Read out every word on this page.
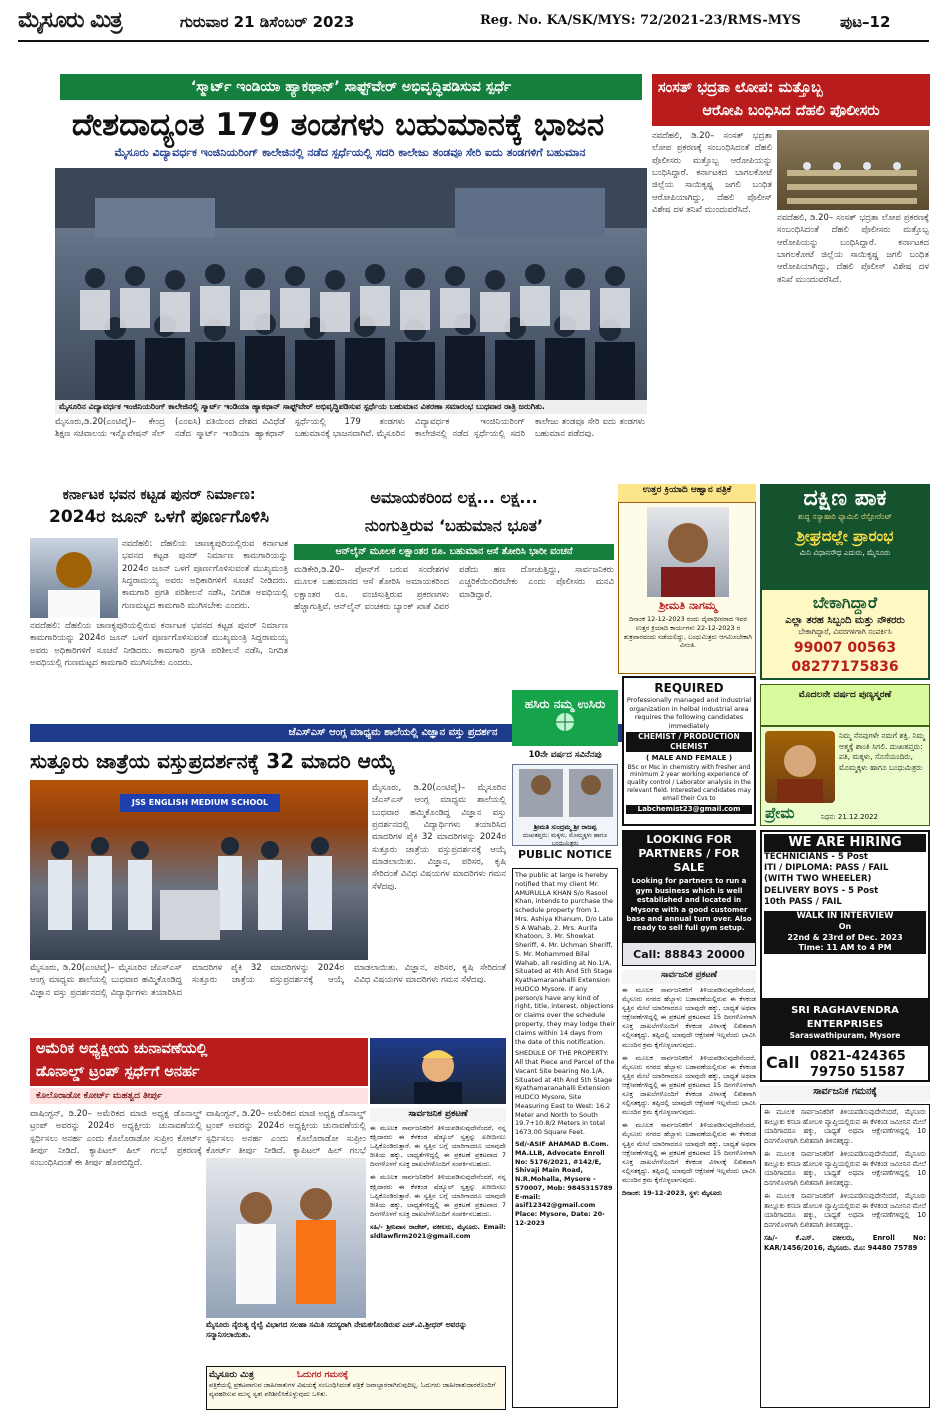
ಮೈಸೂರು ಮಿತ್ರ	ಗುರುವಾರ 21 ಡಿಸೆಂಬರ್ 2023	Reg. No. KA/SK/MYS: 72/2021-23/RMS-MYS	ಪುಟ–12
‘ಸ್ಮಾರ್ಟ್ ಇಂಡಿಯಾ ಹ್ಯಾಕಥಾನ್’ ಸಾಫ್ಟ್‌ವೇರ್ ಅಭಿವೃದ್ಧಿಪಡಿಸುವ ಸ್ಪರ್ಧೆ
ದೇಶದಾದ್ಯಂತ 179 ತಂಡಗಳು ಬಹುಮಾನಕ್ಕೆ ಭಾಜನ
ಮೈಸೂರು ವಿದ್ಯಾವರ್ಧಕ ಇಂಜಿನಿಯರಿಂಗ್ ಕಾಲೇಜಿನಲ್ಲಿ ನಡೆದ ಸ್ಪರ್ಧೆಯಲ್ಲಿ ಸದರಿ ಕಾಲೇಜು ತಂಡವೂ ಸೇರಿ ಐದು ತಂಡಗಳಿಗೆ ಬಹುಮಾನ
ಮೈಸೂರಿನ ವಿದ್ಯಾವರ್ಧಕ ಇಂಜಿನಿಯರಿಂಗ್ ಕಾಲೇಜಿನಲ್ಲಿ ಸ್ಮಾರ್ಟ್ ಇಂಡಿಯಾ ಹ್ಯಾಕಥಾನ್ ಸಾಫ್ಟ್‌ವೇರ್ ಅಭಿವೃದ್ಧಿಪಡಿಸುವ ಸ್ಪರ್ಧೆಯ ಬಹುಮಾನ ವಿತರಣಾ ಸಮಾರಂಭ ಬುಧವಾರ ರಾತ್ರಿ ಜರುಗಿತು.
ಮೈಸೂರು,ಡಿ.20(ಎಂಟಿವೈ)– ಕೇಂದ್ರ ಶಿಕ್ಷಣ ಸಚಿವಾಲಯ ಇನ್ನೊವೇಷನ್ ಸೆಲ್ (ಎಂಐಸಿ) ವತಿಯಿಂದ ದೇಶದ ವಿವಿಧೆಡೆ ನಡೆದ ಸ್ಮಾರ್ಟ್ ಇಂಡಿಯಾ ಹ್ಯಾಕಥಾನ್ ಸ್ಪರ್ಧೆಯಲ್ಲಿ 179 ತಂಡಗಳು ಬಹುಮಾನಕ್ಕೆ ಭಾಜನವಾಗಿವೆ. ಮೈಸೂರಿನ ವಿದ್ಯಾವರ್ಧಕ ಇಂಜಿನಿಯರಿಂಗ್ ಕಾಲೇಜಿನಲ್ಲಿ ನಡೆದ ಸ್ಪರ್ಧೆಯಲ್ಲಿ ಸದರಿ ಕಾಲೇಜು ತಂಡವೂ ಸೇರಿ ಐದು ತಂಡಗಳು ಬಹುಮಾನ ಪಡೆದವು.
ಸಂಸತ್ ಭದ್ರತಾ ಲೋಪ: ಮತ್ತೊಬ್ಬ
ಆರೋಪಿ ಬಂಧಿಸಿದ ದೆಹಲಿ ಪೊಲೀಸರು
ನವದೆಹಲಿ, ಡಿ.20– ಸಂಸತ್ ಭದ್ರತಾ ಲೋಪ ಪ್ರಕರಣಕ್ಕೆ ಸಂಬಂಧಿಸಿದಂತೆ ದೆಹಲಿ ಪೊಲೀಸರು ಮತ್ತೊಬ್ಬ ಆರೋಪಿಯನ್ನು ಬಂಧಿಸಿದ್ದಾರೆ. ಕರ್ನಾಟಕದ ಬಾಗಲಕೋಟೆ ಜಿಲ್ಲೆಯ ಸಾಯಿಕೃಷ್ಣ ಜಗಲಿ ಬಂಧಿತ ಆರೋಪಿಯಾಗಿದ್ದು, ದೆಹಲಿ ಪೊಲೀಸ್ ವಿಶೇಷ ದಳ ತನಿಖೆ ಮುಂದುವರೆಸಿದೆ.
ನವದೆಹಲಿ, ಡಿ.20– ಸಂಸತ್ ಭದ್ರತಾ ಲೋಪ ಪ್ರಕರಣಕ್ಕೆ ಸಂಬಂಧಿಸಿದಂತೆ ದೆಹಲಿ ಪೊಲೀಸರು ಮತ್ತೊಬ್ಬ ಆರೋಪಿಯನ್ನು ಬಂಧಿಸಿದ್ದಾರೆ. ಕರ್ನಾಟಕದ ಬಾಗಲಕೋಟೆ ಜಿಲ್ಲೆಯ ಸಾಯಿಕೃಷ್ಣ ಜಗಲಿ ಬಂಧಿತ ಆರೋಪಿಯಾಗಿದ್ದು, ದೆಹಲಿ ಪೊಲೀಸ್ ವಿಶೇಷ ದಳ ತನಿಖೆ ಮುಂದುವರೆಸಿದೆ.
ದಕ್ಷಿಣ ಪಾಕ
ಶುದ್ಧ ಸಸ್ಯಾಹಾರಿ ಫ್ಯಾಮಿಲಿ ರೆಸ್ಟೋರೆಂಟ್
ಶ್ರೀಘ್ರದಲ್ಲೇ ಪ್ರಾರಂಭ
ಮಿನಿ ವಿಧಾನಸೌಧ ಎದುರು, ಮೈಸೂರು
ಬೇಕಾಗಿದ್ದಾರೆ
ಎಲ್ಲಾ ತರಹ ಸಿಬ್ಬಂದಿ ಮತ್ತು ನೌಕರರು
ಬೇಕಾಗಿದ್ದಾರೆ, ವಿವರಗಳಿಗಾಗಿ ಸಂಪರ್ಕಿಸಿ
99007 00563
08277175836
ಮೊದಲನೇ ವರ್ಷದ ಪುಣ್ಯಸ್ಮರಣೆ
ನಿಮ್ಮ ನೆನಪುಗಳೇ ನಮಗೆ ಶಕ್ತಿ. ನಿಮ್ಮ ಆತ್ಮಕ್ಕೆ ಶಾಂತಿ ಸಿಗಲಿ. ದುಃಖತಪ್ತರು: ಪತಿ, ಮಕ್ಕಳು, ಸೊಸೆಯಂದಿರು, ಮೊಮ್ಮಕ್ಕಳು ಹಾಗೂ ಬಂಧುಮಿತ್ರರು
ಪ್ರೇಮ	ನಿಧನ: 21.12.2022
ಕರ್ನಾಟಕ ಭವನ ಕಟ್ಟಡ ಪುನರ್ ನಿರ್ಮಾಣ:
2024ರ ಜೂನ್ ಒಳಗೆ ಪೂರ್ಣಗೊಳಿಸಿ
ನವದೆಹಲಿ: ದೆಹಲಿಯ ಚಾಣಕ್ಯಪುರಿಯಲ್ಲಿರುವ ಕರ್ನಾಟಕ ಭವನದ ಕಟ್ಟಡ ಪುನರ್ ನಿರ್ಮಾಣ ಕಾಮಗಾರಿಯನ್ನು 2024ರ ಜೂನ್ ಒಳಗೆ ಪೂರ್ಣಗೊಳಿಸುವಂತೆ ಮುಖ್ಯಮಂತ್ರಿ ಸಿದ್ದರಾಮಯ್ಯ ಅವರು ಅಧಿಕಾರಿಗಳಿಗೆ ಸೂಚನೆ ನೀಡಿದರು. ಕಾಮಗಾರಿ ಪ್ರಗತಿ ಪರಿಶೀಲನೆ ನಡೆಸಿ, ನಿಗದಿತ ಅವಧಿಯಲ್ಲಿ ಗುಣಮಟ್ಟದ ಕಾಮಗಾರಿ ಮುಗಿಸಬೇಕು ಎಂದರು.
ನವದೆಹಲಿ: ದೆಹಲಿಯ ಚಾಣಕ್ಯಪುರಿಯಲ್ಲಿರುವ ಕರ್ನಾಟಕ ಭವನದ ಕಟ್ಟಡ ಪುನರ್ ನಿರ್ಮಾಣ ಕಾಮಗಾರಿಯನ್ನು 2024ರ ಜೂನ್ ಒಳಗೆ ಪೂರ್ಣಗೊಳಿಸುವಂತೆ ಮುಖ್ಯಮಂತ್ರಿ ಸಿದ್ದರಾಮಯ್ಯ ಅವರು ಅಧಿಕಾರಿಗಳಿಗೆ ಸೂಚನೆ ನೀಡಿದರು. ಕಾಮಗಾರಿ ಪ್ರಗತಿ ಪರಿಶೀಲನೆ ನಡೆಸಿ, ನಿಗದಿತ ಅವಧಿಯಲ್ಲಿ ಗುಣಮಟ್ಟದ ಕಾಮಗಾರಿ ಮುಗಿಸಬೇಕು ಎಂದರು.
ಅಮಾಯಕರಿಂದ ಲಕ್ಷ... ಲಕ್ಷ...
ನುಂಗುತ್ತಿರುವ ‘ಬಹುಮಾನ ಭೂತ’
ಆನ್‌ಲೈನ್ ಮೂಲಕ ಲಕ್ಷಾಂತರ ರೂ. ಬಹುಮಾನ ಆಸೆ ತೋರಿಸಿ ಭಾರೀ ವಂಚನೆ
ಮಡಿಕೇರಿ,ಡಿ.20– ಪೋನ್‌ಗೆ ಬರುವ ಸಂದೇಶಗಳ ಮೂಲಕ ಬಹುಮಾನದ ಆಸೆ ತೋರಿಸಿ ಅಮಾಯಕರಿಂದ ಲಕ್ಷಾಂತರ ರೂ. ವಂಚಿಸುತ್ತಿರುವ ಪ್ರಕರಣಗಳು ಹೆಚ್ಚಾಗುತ್ತಿವೆ. ಆನ್‌ಲೈನ್ ವಂಚಕರು ಬ್ಯಾಂಕ್ ಖಾತೆ ವಿವರ ಪಡೆದು ಹಣ ದೋಚುತ್ತಿದ್ದು, ಸಾರ್ವಜನಿಕರು ಎಚ್ಚರಿಕೆಯಿಂದಿರಬೇಕು ಎಂದು ಪೊಲೀಸರು ಮನವಿ ಮಾಡಿದ್ದಾರೆ.
ಉತ್ತರ ಕ್ರಿಯಾದಿ ಆಹ್ವಾನ ಪತ್ರಿಕೆ
ಶ್ರೀಮತಿ ನಾಗಮ್ಮ
ದಿನಾಂಕ 12-12-2023 ರಂದು ದೈವಾಧೀನರಾದ ಇವರ ಉತ್ತರ ಕ್ರಿಯಾದಿ ಕಾರ್ಯಗಳು 22-12-2023 ರ ಶುಕ್ರವಾರದಂದು ನಡೆಯಲಿದ್ದು, ಬಂಧುಮಿತ್ರರು ಆಗಮಿಸಬೇಕಾಗಿ ವಿನಂತಿ.
ಜೆಎಸ್‌ಎಸ್ ಆಂಗ್ಲ ಮಾಧ್ಯಮ ಶಾಲೆಯಲ್ಲಿ ವಿಜ್ಞಾನ ವಸ್ತು ಪ್ರದರ್ಶನ
ಸುತ್ತೂರು ಜಾತ್ರೆಯ ವಸ್ತುಪ್ರದರ್ಶನಕ್ಕೆ 32 ಮಾದರಿ ಆಯ್ಕೆ
JSS ENGLISH MEDIUM SCHOOL
ಮೈಸೂರು, ಡಿ.20(ಎಂಟಿವೈ)– ಮೈಸೂರಿನ ಜೆಎಸ್‌ಎಸ್ ಆಂಗ್ಲ ಮಾಧ್ಯಮ ಶಾಲೆಯಲ್ಲಿ ಬುಧವಾರ ಹಮ್ಮಿಕೊಂಡಿದ್ದ ವಿಜ್ಞಾನ ವಸ್ತು ಪ್ರದರ್ಶನದಲ್ಲಿ ವಿದ್ಯಾರ್ಥಿಗಳು ತಯಾರಿಸಿದ ಮಾದರಿಗಳ ಪೈಕಿ 32 ಮಾದರಿಗಳನ್ನು 2024ರ ಸುತ್ತೂರು ಜಾತ್ರೆಯ ವಸ್ತುಪ್ರದರ್ಶನಕ್ಕೆ ಆಯ್ಕೆ ಮಾಡಲಾಯಿತು. ವಿಜ್ಞಾನ, ಪರಿಸರ, ಕೃಷಿ ಸೇರಿದಂತೆ ವಿವಿಧ ವಿಷಯಗಳ ಮಾದರಿಗಳು ಗಮನ ಸೆಳೆದವು.
ಮೈಸೂರು, ಡಿ.20(ಎಂಟಿವೈ)– ಮೈಸೂರಿನ ಜೆಎಸ್‌ಎಸ್ ಆಂಗ್ಲ ಮಾಧ್ಯಮ ಶಾಲೆಯಲ್ಲಿ ಬುಧವಾರ ಹಮ್ಮಿಕೊಂಡಿದ್ದ ವಿಜ್ಞಾನ ವಸ್ತು ಪ್ರದರ್ಶನದಲ್ಲಿ ವಿದ್ಯಾರ್ಥಿಗಳು ತಯಾರಿಸಿದ ಮಾದರಿಗಳ ಪೈಕಿ 32 ಮಾದರಿಗಳನ್ನು 2024ರ ಸುತ್ತೂರು ಜಾತ್ರೆಯ ವಸ್ತುಪ್ರದರ್ಶನಕ್ಕೆ ಆಯ್ಕೆ ಮಾಡಲಾಯಿತು. ವಿಜ್ಞಾನ, ಪರಿಸರ, ಕೃಷಿ ಸೇರಿದಂತೆ ವಿವಿಧ ವಿಷಯಗಳ ಮಾದರಿಗಳು ಗಮನ ಸೆಳೆದವು.
ಹಸಿರು ನಮ್ಮ ಉಸಿರು
10ನೇ ವರ್ಷದ ಸವಿನೆನಪು
ಶ್ರೀಮತಿ ಸುಂದ್ರಮ್ಮ ಶ್ರೀ ರಾಜಪ್ಪ
ದುಃಖತಪ್ತರು: ಮಕ್ಕಳು, ಮೊಮ್ಮಕ್ಕಳು ಹಾಗೂ ಬಂಧುಮಿತ್ರರು
REQUIRED
Professionally managed and industrial organization in helbal industrial area requires the following candidates immediately
CHEMIST / PRODUCTION CHEMIST
( MALE AND FEMALE )
BSc or Msc in chemistry with fresher and minimum 2 year working experience of quality control / Laborator analysis in the relevant field. Interested candidates may email their Cvs to
Labchemist23@gmail.com
WE ARE HIRING
TECHNICIANS - 5 Post
ITI / DIPLOMA: PASS / FAIL
(WITH TWO WHEELER)
DELIVERY BOYS - 5 Post
10th PASS / FAIL
WALK IN INTERVIEW
On
22nd & 23rd of Dec. 2023
Time: 11 AM to 4 PM
SRI RAGHAVENDRA ENTERPRISES
Saraswathipuram, Mysore
Call 0821-424365
79750 51587
PUBLIC NOTICE
The public at large is hereby notified that my client Mr. AMURULLA KHAN S/o Rasool Khan, intends to purchase the schedule property from 1. Mrs. Ashiya Khanum, D/o Late S A Wahab, 2. Mrs. Aurifa Khatoon, 3. Mr. Showkat Sheriff, 4. Mr. Uchman Sheriff, 5. Mr. Mohammed Bilal Wahab, all residing at No.1/A, Situated at 4th And 5th Stage Kyathamaranahalli Extension HUDCO Mysore. If any person/s have any kind of right, title, interest, objections or claims over the schedule property, they may lodge their claims within 14 days from the date of this notification.
SHEDULE OF THE PROPERTY: All that Piece and Parcel of the Vacant Site bearing No.1/A, Situated at 4th And 5th Stage Kyathamaranahalli Extension HUDCO Mysore, Site Measuring East to West: 16.2 Meter and North to South 19.7+10.8/2 Meters in total 1673.00 Square Feet.
Sd/-ASIF AHAMAD B.Com. MA.LLB, Advocate Enroll No: 5176/2021, #142/E, Shivaji Main Road, N.R.Mohalla, Mysore - 570007, Mob: 9845315789
E-mail: asif12342@gmail.com
Place: Mysore, Date: 20-12-2023
LOOKING FOR PARTNERS / FOR SALE
Looking for partners to run a gym business which is well established and located in Mysore with a good customer base and annual turn over. Also ready to sell full gym setup.
Call: 88843 20000
ಸಾರ್ವಜನಿಕ ಪ್ರಕಟಣೆ
ಈ ಮೂಲಕ ಸಾರ್ವಜನಿಕರಿಗೆ ತಿಳಿಯಪಡಿಸುವುದೇನೆಂದರೆ, ಮೈಸೂರು ನಗರದ ಹೆಬ್ಬಾಳು ಬಡಾವಣೆಯಲ್ಲಿರುವ ಈ ಕೆಳಕಂಡ ಸ್ವತ್ತಿನ ಮೇಲೆ ಯಾರಿಗಾದರೂ ಯಾವುದೇ ಹಕ್ಕು, ಬಾಧ್ಯತೆ ಅಥವಾ ಆಕ್ಷೇಪಣೆಗಳಿದ್ದಲ್ಲಿ ಈ ಪ್ರಕಟಣೆ ಪ್ರಕಟವಾದ 15 ದಿನಗಳೊಳಗಾಗಿ ಸೂಕ್ತ ದಾಖಲೆಗಳೊಂದಿಗೆ ಕೆಳಕಂಡ ವಿಳಾಸಕ್ಕೆ ಲಿಖಿತವಾಗಿ ಸಲ್ಲಿಸತಕ್ಕದ್ದು. ತಪ್ಪಿದಲ್ಲಿ ಯಾವುದೇ ಆಕ್ಷೇಪಣೆ ಇಲ್ಲವೆಂದು ಭಾವಿಸಿ ಮುಂದಿನ ಕ್ರಮ ಕೈಗೊಳ್ಳಲಾಗುವುದು.
ಈ ಮೂಲಕ ಸಾರ್ವಜನಿಕರಿಗೆ ತಿಳಿಯಪಡಿಸುವುದೇನೆಂದರೆ, ಮೈಸೂರು ನಗರದ ಹೆಬ್ಬಾಳು ಬಡಾವಣೆಯಲ್ಲಿರುವ ಈ ಕೆಳಕಂಡ ಸ್ವತ್ತಿನ ಮೇಲೆ ಯಾರಿಗಾದರೂ ಯಾವುದೇ ಹಕ್ಕು, ಬಾಧ್ಯತೆ ಅಥವಾ ಆಕ್ಷೇಪಣೆಗಳಿದ್ದಲ್ಲಿ ಈ ಪ್ರಕಟಣೆ ಪ್ರಕಟವಾದ 15 ದಿನಗಳೊಳಗಾಗಿ ಸೂಕ್ತ ದಾಖಲೆಗಳೊಂದಿಗೆ ಕೆಳಕಂಡ ವಿಳಾಸಕ್ಕೆ ಲಿಖಿತವಾಗಿ ಸಲ್ಲಿಸತಕ್ಕದ್ದು. ತಪ್ಪಿದಲ್ಲಿ ಯಾವುದೇ ಆಕ್ಷೇಪಣೆ ಇಲ್ಲವೆಂದು ಭಾವಿಸಿ ಮುಂದಿನ ಕ್ರಮ ಕೈಗೊಳ್ಳಲಾಗುವುದು.
ಈ ಮೂಲಕ ಸಾರ್ವಜನಿಕರಿಗೆ ತಿಳಿಯಪಡಿಸುವುದೇನೆಂದರೆ, ಮೈಸೂರು ನಗರದ ಹೆಬ್ಬಾಳು ಬಡಾವಣೆಯಲ್ಲಿರುವ ಈ ಕೆಳಕಂಡ ಸ್ವತ್ತಿನ ಮೇಲೆ ಯಾರಿಗಾದರೂ ಯಾವುದೇ ಹಕ್ಕು, ಬಾಧ್ಯತೆ ಅಥವಾ ಆಕ್ಷೇಪಣೆಗಳಿದ್ದಲ್ಲಿ ಈ ಪ್ರಕಟಣೆ ಪ್ರಕಟವಾದ 15 ದಿನಗಳೊಳಗಾಗಿ ಸೂಕ್ತ ದಾಖಲೆಗಳೊಂದಿಗೆ ಕೆಳಕಂಡ ವಿಳಾಸಕ್ಕೆ ಲಿಖಿತವಾಗಿ ಸಲ್ಲಿಸತಕ್ಕದ್ದು. ತಪ್ಪಿದಲ್ಲಿ ಯಾವುದೇ ಆಕ್ಷೇಪಣೆ ಇಲ್ಲವೆಂದು ಭಾವಿಸಿ ಮುಂದಿನ ಕ್ರಮ ಕೈಗೊಳ್ಳಲಾಗುವುದು.
ದಿನಾಂಕ: 19-12-2023, ಸ್ಥಳ: ಮೈಸೂರು
ಸಾರ್ವಜನಿಕ ಗಮನಕ್ಕೆ
ಈ ಮೂಲಕ ಸಾರ್ವಜನಿಕರಿಗೆ ತಿಳಿಯಪಡಿಸುವುದೇನೆಂದರೆ, ಮೈಸೂರು ತಾಲ್ಲೂಕು ಕಸಬಾ ಹೋಬಳಿ ವ್ಯಾಪ್ತಿಯಲ್ಲಿರುವ ಈ ಕೆಳಕಂಡ ಜಮೀನಿನ ಮೇಲೆ ಯಾರಿಗಾದರೂ ಹಕ್ಕು, ಬಾಧ್ಯತೆ ಅಥವಾ ಆಕ್ಷೇಪಣೆಗಳಿದ್ದಲ್ಲಿ 10 ದಿನಗಳೊಳಗಾಗಿ ಲಿಖಿತವಾಗಿ ತಿಳಿಸತಕ್ಕದ್ದು.
ಈ ಮೂಲಕ ಸಾರ್ವಜನಿಕರಿಗೆ ತಿಳಿಯಪಡಿಸುವುದೇನೆಂದರೆ, ಮೈಸೂರು ತಾಲ್ಲೂಕು ಕಸಬಾ ಹೋಬಳಿ ವ್ಯಾಪ್ತಿಯಲ್ಲಿರುವ ಈ ಕೆಳಕಂಡ ಜಮೀನಿನ ಮೇಲೆ ಯಾರಿಗಾದರೂ ಹಕ್ಕು, ಬಾಧ್ಯತೆ ಅಥವಾ ಆಕ್ಷೇಪಣೆಗಳಿದ್ದಲ್ಲಿ 10 ದಿನಗಳೊಳಗಾಗಿ ಲಿಖಿತವಾಗಿ ತಿಳಿಸತಕ್ಕದ್ದು.
ಈ ಮೂಲಕ ಸಾರ್ವಜನಿಕರಿಗೆ ತಿಳಿಯಪಡಿಸುವುದೇನೆಂದರೆ, ಮೈಸೂರು ತಾಲ್ಲೂಕು ಕಸಬಾ ಹೋಬಳಿ ವ್ಯಾಪ್ತಿಯಲ್ಲಿರುವ ಈ ಕೆಳಕಂಡ ಜಮೀನಿನ ಮೇಲೆ ಯಾರಿಗಾದರೂ ಹಕ್ಕು, ಬಾಧ್ಯತೆ ಅಥವಾ ಆಕ್ಷೇಪಣೆಗಳಿದ್ದಲ್ಲಿ 10 ದಿನಗಳೊಳಗಾಗಿ ಲಿಖಿತವಾಗಿ ತಿಳಿಸತಕ್ಕದ್ದು.
ಸಹಿ/- ಕೆ.ಎಸ್. ವಕೀಲರು, Enroll No: KAR/1456/2016, ಮೈಸೂರು. ಮೊ: 94480 75789
ಅಮೆರಿಕ ಅಧ್ಯಕ್ಷೀಯ ಚುನಾವಣೆಯಲ್ಲಿ
ಡೊನಾಲ್ಡ್ ಟ್ರಂಪ್ ಸ್ಪರ್ಧೆಗೆ ಅನರ್ಹ
ಕೊಲೊರಾಡೋ ಕೋರ್ಟ್ ಮಹತ್ವದ ತೀರ್ಪು
ವಾಷಿಂಗ್ಟನ್, ಡಿ.20– ಅಮೆರಿಕದ ಮಾಜಿ ಅಧ್ಯಕ್ಷ ಡೊನಾಲ್ಡ್ ಟ್ರಂಪ್ ಅವರನ್ನು 2024ರ ಅಧ್ಯಕ್ಷೀಯ ಚುನಾವಣೆಯಲ್ಲಿ ಸ್ಪರ್ಧಿಸಲು ಅನರ್ಹ ಎಂದು ಕೊಲೊರಾಡೋ ಸುಪ್ರೀಂ ಕೋರ್ಟ್ ತೀರ್ಪು ನೀಡಿದೆ. ಕ್ಯಾಪಿಟಲ್ ಹಿಲ್ ಗಲಭೆ ಪ್ರಕರಣಕ್ಕೆ ಸಂಬಂಧಿಸಿದಂತೆ ಈ ತೀರ್ಪು ಹೊರಬಿದ್ದಿದೆ.
ವಾಷಿಂಗ್ಟನ್, ಡಿ.20– ಅಮೆರಿಕದ ಮಾಜಿ ಅಧ್ಯಕ್ಷ ಡೊನಾಲ್ಡ್ ಟ್ರಂಪ್ ಅವರನ್ನು 2024ರ ಅಧ್ಯಕ್ಷೀಯ ಚುನಾವಣೆಯಲ್ಲಿ ಸ್ಪರ್ಧಿಸಲು ಅನರ್ಹ ಎಂದು ಕೊಲೊರಾಡೋ ಸುಪ್ರೀಂ ಕೋರ್ಟ್ ತೀರ್ಪು ನೀಡಿದೆ. ಕ್ಯಾಪಿಟಲ್ ಹಿಲ್ ಗಲಭೆ
ಮೈಸೂರು ನೈರುತ್ಯ ರೈಲ್ವೆ ವಿಭಾಗದ ಸಲಹಾ ಸಮಿತಿ ಸದಸ್ಯರಾಗಿ ನೇಮಕಗೊಂಡಿರುವ ಎಚ್.ವಿ.ಶ್ರೀಧರ್ ಅವರನ್ನು ಸನ್ಮಾನಿಸಲಾಯಿತು.
ಸಾರ್ವಜನಿಕ ಪ್ರಕಟಣೆ
ಈ ಮೂಲಕ ಸಾರ್ವಜನಿಕರಿಗೆ ತಿಳಿಯಪಡಿಸುವುದೇನೆಂದರೆ, ನನ್ನ ಕಕ್ಷಿದಾರರು ಈ ಕೆಳಕಂಡ ಷೆಡ್ಯೂಲ್ ಸ್ವತ್ತನ್ನು ಖರೀದಿಸಲು ಒಪ್ಪಿಕೊಂಡಿರುತ್ತಾರೆ. ಈ ಸ್ವತ್ತಿನ ಬಗ್ಗೆ ಯಾರಿಗಾದರೂ ಯಾವುದೇ ರೀತಿಯ ಹಕ್ಕು, ಬಾಧ್ಯತೆಗಳಿದ್ದಲ್ಲಿ ಈ ಪ್ರಕಟಣೆ ಪ್ರಕಟವಾದ 7 ದಿನಗಳೊಳಗೆ ಸೂಕ್ತ ದಾಖಲೆಗಳೊಂದಿಗೆ ಸಂಪರ್ಕಿಸಬಹುದು.
ಈ ಮೂಲಕ ಸಾರ್ವಜನಿಕರಿಗೆ ತಿಳಿಯಪಡಿಸುವುದೇನೆಂದರೆ, ನನ್ನ ಕಕ್ಷಿದಾರರು ಈ ಕೆಳಕಂಡ ಷೆಡ್ಯೂಲ್ ಸ್ವತ್ತನ್ನು ಖರೀದಿಸಲು ಒಪ್ಪಿಕೊಂಡಿರುತ್ತಾರೆ. ಈ ಸ್ವತ್ತಿನ ಬಗ್ಗೆ ಯಾರಿಗಾದರೂ ಯಾವುದೇ ರೀತಿಯ ಹಕ್ಕು, ಬಾಧ್ಯತೆಗಳಿದ್ದಲ್ಲಿ ಈ ಪ್ರಕಟಣೆ ಪ್ರಕಟವಾದ 7 ದಿನಗಳೊಳಗೆ ಸೂಕ್ತ ದಾಖಲೆಗಳೊಂದಿಗೆ ಸಂಪರ್ಕಿಸಬಹುದು.
ಸಹಿ/- ಶ್ರೀನಿವಾಸ ರಾಜೇಶ್, ವಕೀಲರು, ಮೈಸೂರು. Email: sldlawfirm2021@gmail.com
ಮೈಸೂರು ಮಿತ್ರ	ಓದುಗರ ಗಮನಕ್ಕೆ
ಪತ್ರಿಕೆಯಲ್ಲಿ ಪ್ರಕಟವಾಗುವ ಜಾಹೀರಾತುಗಳ ವಿಷಯಕ್ಕೆ ಸಂಬಂಧಿಸಿದಂತೆ ಪತ್ರಿಕೆ ಜವಾಬ್ದಾರರಾಗಿರುವುದಿಲ್ಲ. ಓದುಗರು ಜಾಹೀರಾತುದಾರರೊಂದಿಗೆ ವ್ಯವಹರಿಸುವ ಮುನ್ನ ಸ್ವತಃ ಪರಿಶೀಲಿಸಿಕೊಳ್ಳುವುದು ಒಳಿತು.
